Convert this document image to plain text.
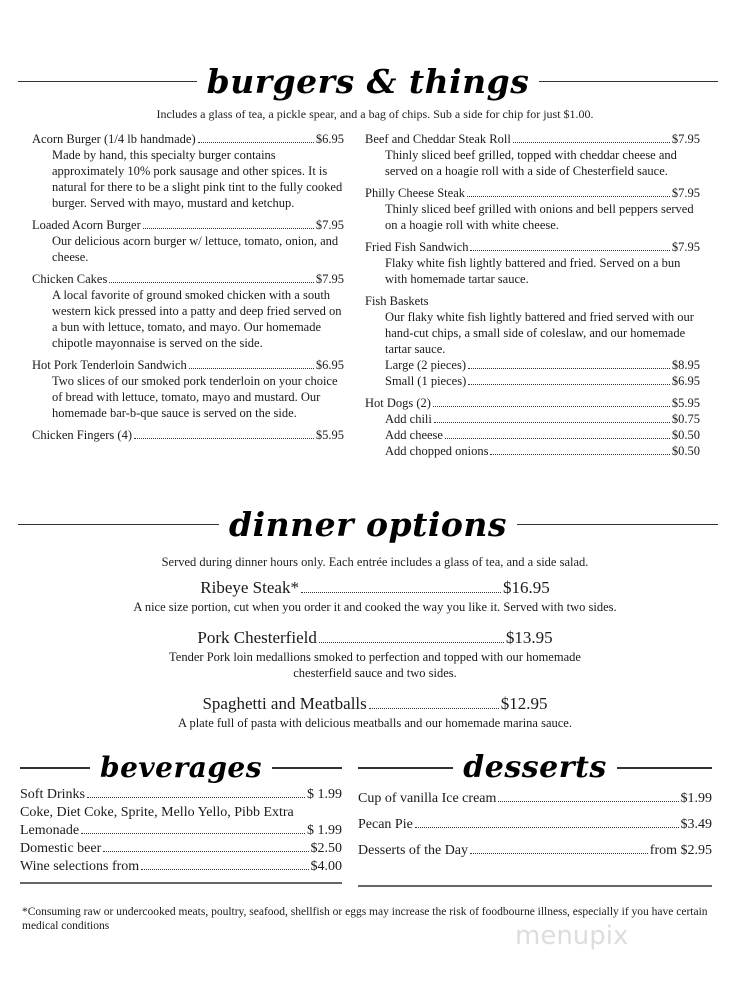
burgers & things
Includes a glass of tea, a pickle spear, and a bag of chips. Sub a side for chip for just $1.00.
Acorn Burger (1/4 lb handmade)	$6.95
Made by hand, this specialty burger contains approximately 10% pork sausage and other spices. It is natural for there to be a slight pink tint to the fully cooked burger. Served with mayo, mustard and ketchup.
Loaded Acorn Burger	$7.95
Our delicious acorn burger w/ lettuce, tomato, onion, and cheese.
Chicken Cakes	$7.95
A local favorite of ground smoked chicken with a south western kick pressed into a patty and deep fried served on a bun with lettuce, tomato, and mayo. Our homemade chipotle mayonnaise is served on the side.
Hot Pork Tenderloin Sandwich	$6.95
Two slices of our smoked pork tenderloin on your choice of bread with lettuce, tomato, mayo and mustard. Our homemade bar-b-que sauce is served on the side.
Chicken Fingers (4)	$5.95
Beef and Cheddar Steak Roll	$7.95
Thinly sliced beef grilled, topped with cheddar cheese and served on a hoagie roll with a side of Chesterfield sauce.
Philly Cheese Steak	$7.95
Thinly sliced beef grilled with onions and bell peppers served on a hoagie roll with white cheese.
Fried Fish Sandwich	$7.95
Flaky white fish lightly battered and fried. Served on a bun with homemade tartar sauce.
Fish Baskets
Our flaky white fish lightly battered and fried served with our hand-cut chips, a small side of coleslaw, and our homemade tartar sauce.
Large (2 pieces)	$8.95
Small (1 pieces)	$6.95
Hot Dogs (2)	$5.95
Add chili	$0.75
Add cheese	$0.50
Add chopped onions	$0.50
dinner options
Served during dinner hours only. Each entrée includes a glass of tea, and a side salad.
Ribeye Steak*	$16.95
A nice size portion, cut when you order it and cooked the way you like it. Served with two sides.
Pork Chesterfield	$13.95
Tender Pork loin medallions smoked to perfection and topped with our homemade chesterfield sauce and two sides.
Spaghetti and Meatballs	$12.95
A plate full of pasta with delicious meatballs and our homemade marina sauce.
beverages
Soft Drinks	$ 1.99
Coke, Diet Coke, Sprite, Mello Yello, Pibb Extra
Lemonade	$ 1.99
Domestic beer	$2.50
Wine selections from	$4.00
desserts
Cup of vanilla Ice cream	$1.99
Pecan Pie	$3.49
Desserts of the Day	from $2.95
*Consuming raw or undercooked meats, poultry, seafood, shellfish or eggs may increase the risk of foodbourne illness, especially if you have certain medical conditions	menupix
